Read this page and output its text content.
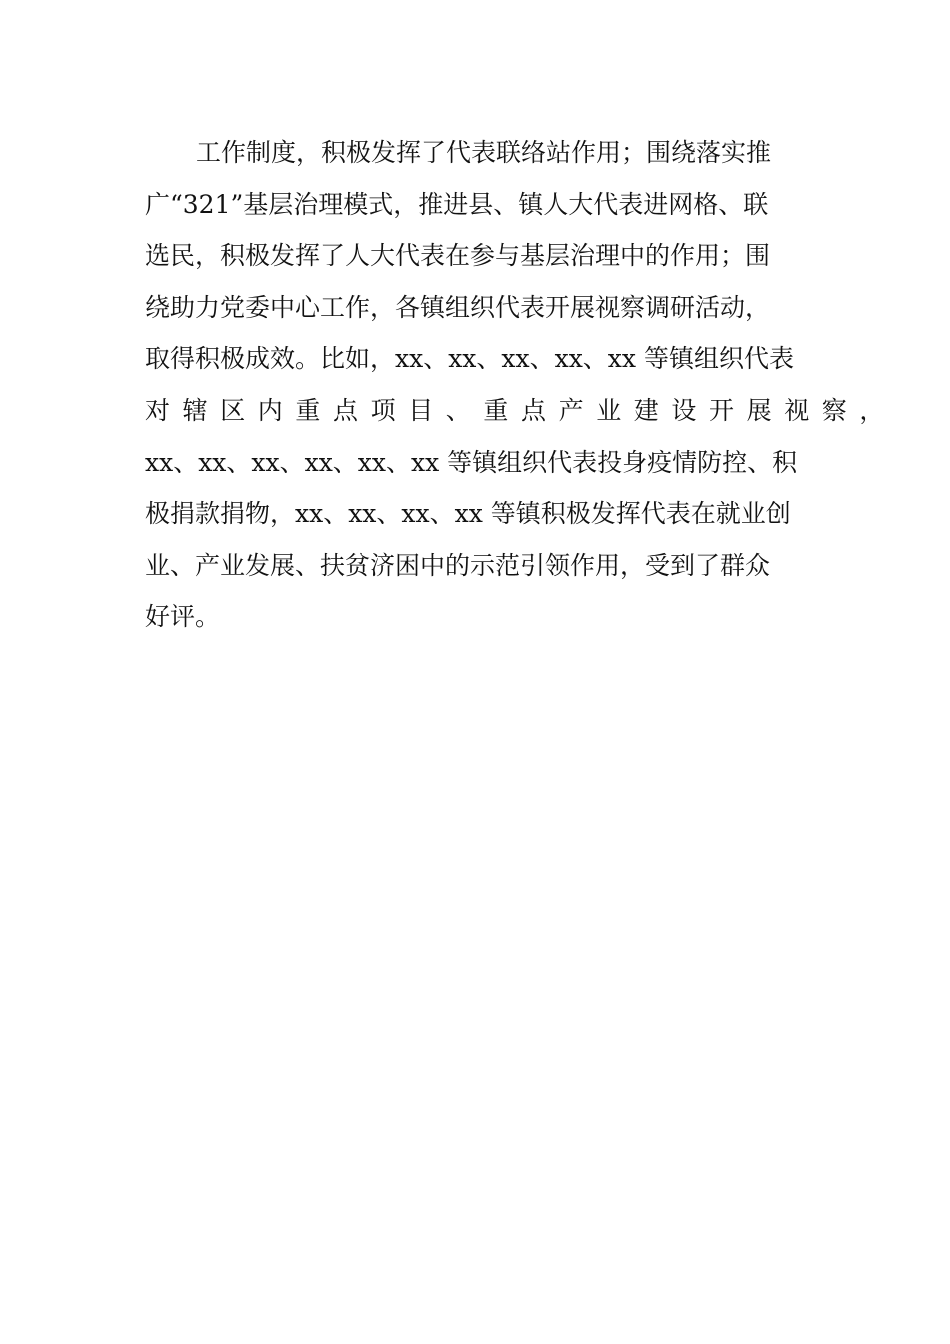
工作制度，积极发挥了代表联络站作用；围绕落实推
广“321”基层治理模式，推进县、镇人大代表进网格、联
选民，积极发挥了人大代表在参与基层治理中的作用；围
绕助力党委中心工作，各镇组织代表开展视察调研活动，
取得积极成效。比如，xx、xx、xx、xx、xx 等镇组织代表
对辖区内重点项目、重点产业建设开展视察，
xx、xx、xx、xx、xx、xx 等镇组织代表投身疫情防控、积
极捐款捐物，xx、xx、xx、xx 等镇积极发挥代表在就业创
业、产业发展、扶贫济困中的示范引领作用，受到了群众
好评。
